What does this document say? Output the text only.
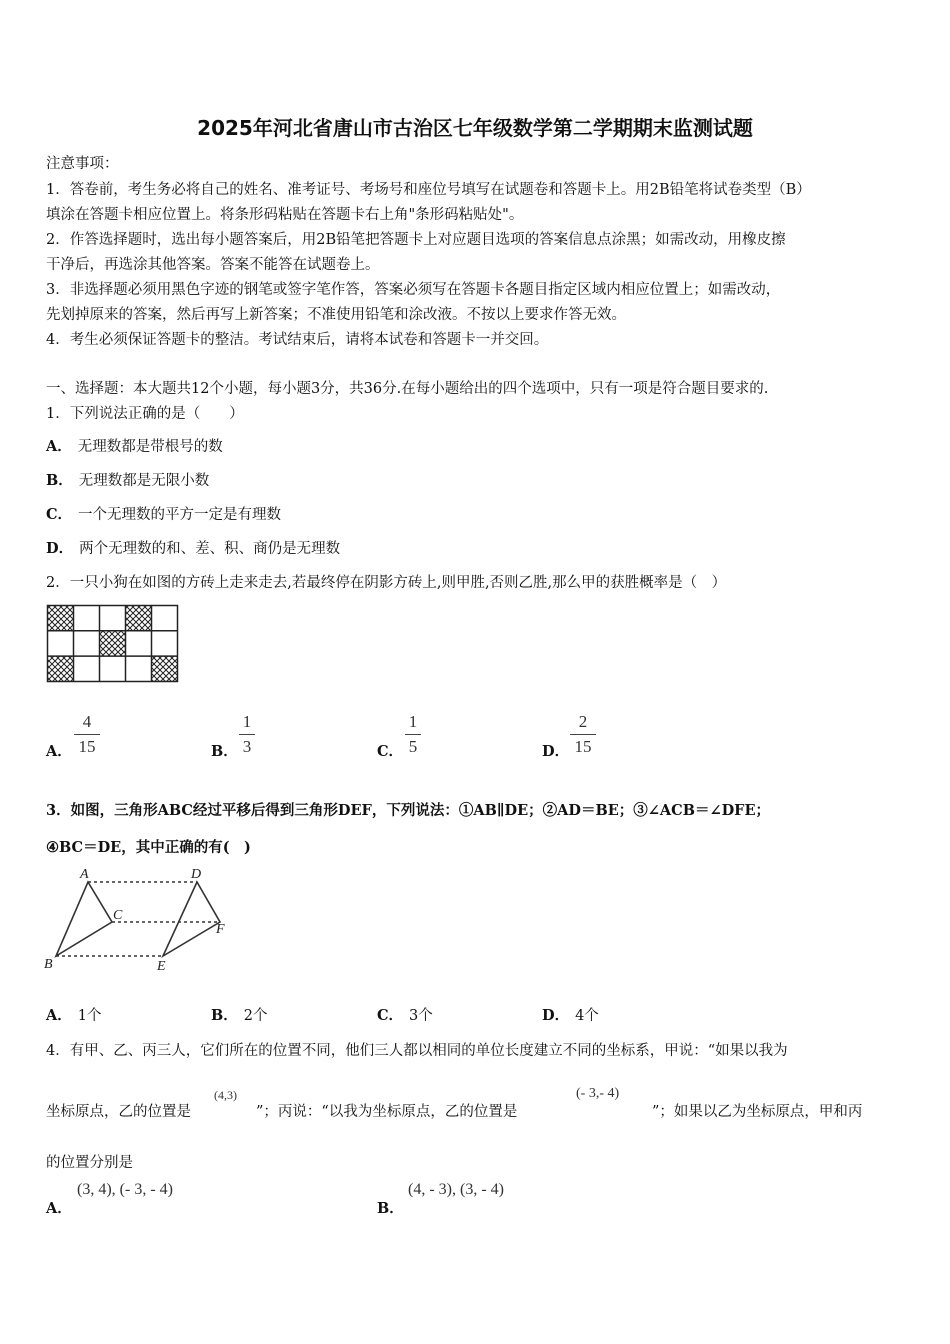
2025年河北省唐山市古治区七年级数学第二学期期末监测试题
注意事项：
1．答卷前，考生务必将自己的姓名、准考证号、考场号和座位号填写在试题卷和答题卡上。用2B铅笔将试卷类型（B）
填涂在答题卡相应位置上。将条形码粘贴在答题卡右上角"条形码粘贴处"。
2．作答选择题时，选出每小题答案后，用2B铅笔把答题卡上对应题目选项的答案信息点涂黑；如需改动，用橡皮擦
干净后，再选涂其他答案。答案不能答在试题卷上。
3．非选择题必须用黑色字迹的钢笔或签字笔作答，答案必须写在答题卡各题目指定区域内相应位置上；如需改动，
先划掉原来的答案，然后再写上新答案；不准使用铅笔和涂改液。不按以上要求作答无效。
4．考生必须保证答题卡的整洁。考试结束后，请将本试卷和答题卡一并交回。
一、选择题：本大题共12个小题，每小题3分，共36分.在每小题给出的四个选项中，只有一项是符合题目要求的.
1．下列说法正确的是（　　）
A． 无理数都是带根号的数
B． 无理数都是无限小数
C． 一个无理数的平方一定是有理数
D． 两个无理数的和、差、积、商仍是无理数
2．一只小狗在如图的方砖上走来走去,若最终停在阴影方砖上,则甲胜,否则乙胜,那么甲的获胜概率是（　）
A．
4
15	B．
1
3	C．
1
5	D．
2
15
3．如图，三角形ABC经过平移后得到三角形DEF，下列说法：①AB∥DE；②AD＝BE；③∠ACB＝∠DFE；
④BC＝DE，其中正确的有(　)
A
C
B
D
F
E
A． 1个	B． 2个	C． 3个	D． 4个
4．有甲、乙、丙三人，它们所在的位置不同，他们三人都以相同的单位长度建立不同的坐标系，甲说：“如果以我为
坐标原点，乙的位置是
(4,3)
”；丙说：“以我为坐标原点，乙的位置是
(- 3,- 4)
”；如果以乙为坐标原点，甲和丙
的位置分别是
A．
(3, 4), (- 3, - 4)
B．
(4, - 3), (3, - 4)
